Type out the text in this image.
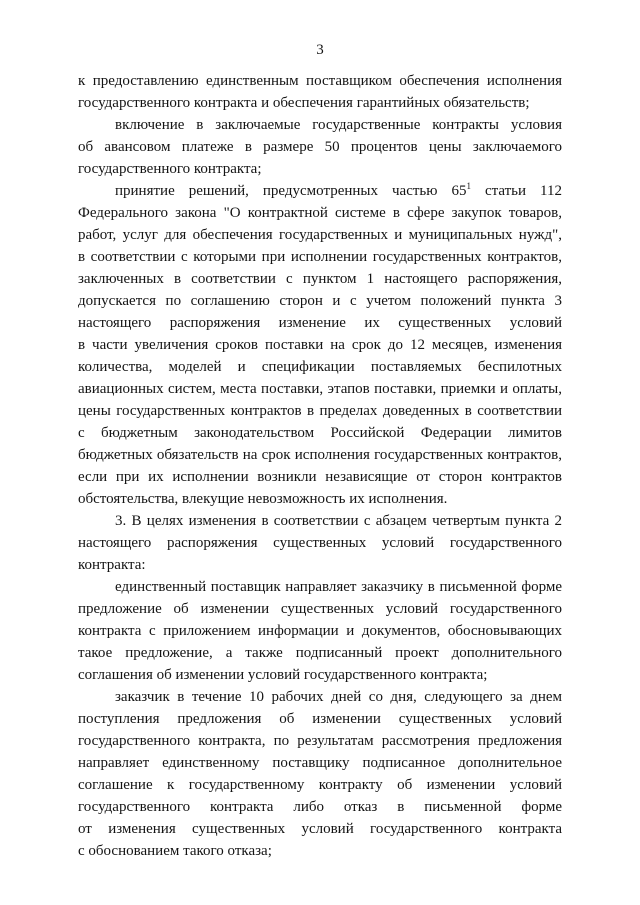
3
к предоставлению единственным поставщиком обеспечения исполнения
государственного контракта и обеспечения гарантийных обязательств;
включение в заключаемые государственные контракты условия
об авансовом платеже в размере 50 процентов цены заключаемого
государственного контракта;
принятие решений, предусмотренных частью $65^1$ статьи 112
Федерального закона "О контрактной системе в сфере закупок товаров,
работ, услуг для обеспечения государственных и муниципальных нужд",
в соответствии с которыми при исполнении государственных контрактов,
заключенных в соответствии с пунктом 1 настоящего распоряжения,
допускается по соглашению сторон и с учетом положений пункта 3
настоящего распоряжения изменение их существенных условий
в части увеличения сроков поставки на срок до 12 месяцев, изменения
количества, моделей и спецификации поставляемых беспилотных
авиационных систем, места поставки, этапов поставки, приемки и оплаты,
цены государственных контрактов в пределах доведенных в соответствии
с бюджетным законодательством Российской Федерации лимитов
бюджетных обязательств на срок исполнения государственных контрактов,
если при их исполнении возникли независящие от сторон контрактов
обстоятельства, влекущие невозможность их исполнения.
3. В целях изменения в соответствии с абзацем четвертым пункта 2
настоящего распоряжения существенных условий государственного
контракта:
единственный поставщик направляет заказчику в письменной форме
предложение об изменении существенных условий государственного
контракта с приложением информации и документов, обосновывающих
такое предложение, а также подписанный проект дополнительного
соглашения об изменении условий государственного контракта;
заказчик в течение 10 рабочих дней со дня, следующего за днем
поступления предложения об изменении существенных условий
государственного контракта, по результатам рассмотрения предложения
направляет единственному поставщику подписанное дополнительное
соглашение к государственному контракту об изменении условий
государственного контракта либо отказ в письменной форме
от изменения существенных условий государственного контракта
с обоснованием такого отказа;
